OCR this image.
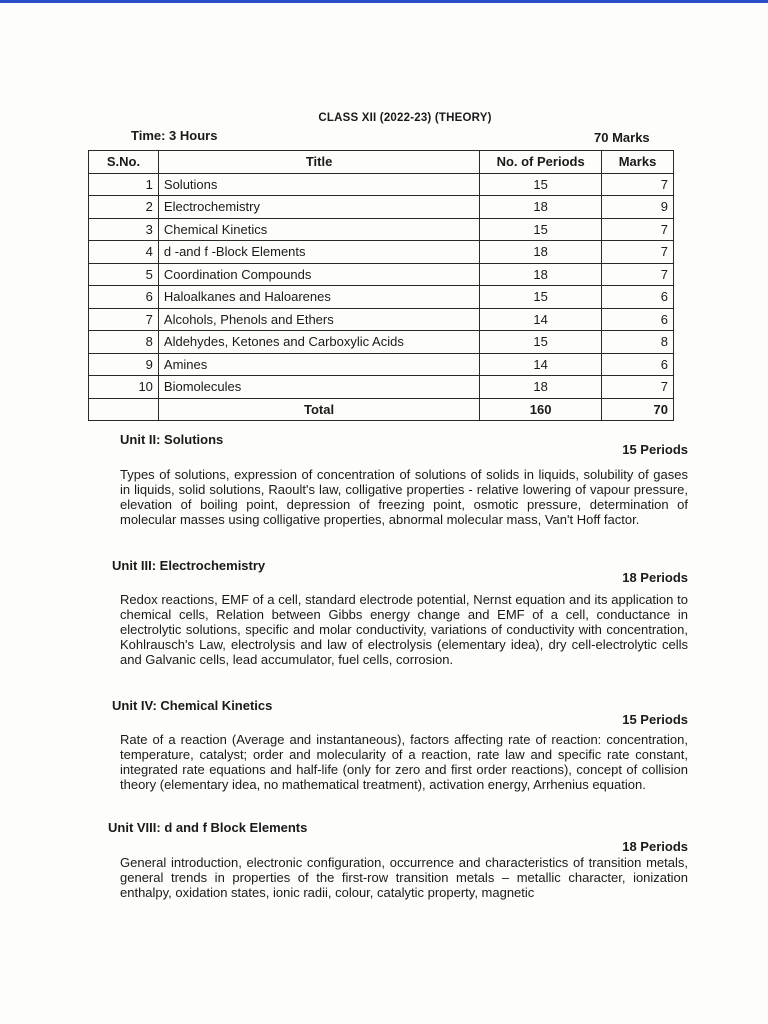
CLASS XII (2022-23) (THEORY)
Time: 3 Hours	70 Marks
S.No.	Title	No. of Periods	Marks
1	Solutions	15	7
2	Electrochemistry	18	9
3	Chemical Kinetics	15	7
4	d -and f -Block Elements	18	7
5	Coordination Compounds	18	7
6	Haloalkanes and Haloarenes	15	6
7	Alcohols, Phenols and Ethers	14	6
8	Aldehydes, Ketones and Carboxylic Acids	15	8
9	Amines	14	6
10	Biomolecules	18	7
	Total	160	70
Unit II: Solutions
15 Periods
Types of solutions, expression of concentration of solutions of solids in liquids, solubility of gases in liquids, solid solutions, Raoult's law, colligative properties - relative lowering of vapour pressure, elevation of boiling point, depression of freezing point, osmotic pressure, determination of molecular masses using colligative properties, abnormal molecular mass, Van't Hoff factor.
Unit III: Electrochemistry
18 Periods
Redox reactions, EMF of a cell, standard electrode potential, Nernst equation and its application to chemical cells, Relation between Gibbs energy change and EMF of a cell, conductance in electrolytic solutions, specific and molar conductivity, variations of conductivity with concentration, Kohlrausch's Law, electrolysis and law of electrolysis (elementary idea), dry cell-electrolytic cells and Galvanic cells, lead accumulator, fuel cells, corrosion.
Unit IV: Chemical Kinetics
15 Periods
Rate of a reaction (Average and instantaneous), factors affecting rate of reaction: concentration, temperature, catalyst; order and molecularity of a reaction, rate law and specific rate constant, integrated rate equations and half-life (only for zero and first order reactions), concept of collision theory (elementary idea, no mathematical treatment), activation energy, Arrhenius equation.
Unit VIII: d and f Block Elements
18 Periods
General introduction, electronic configuration, occurrence and characteristics of transition metals, general trends in properties of the first-row transition metals – metallic character, ionization enthalpy, oxidation states, ionic radii, colour, catalytic property, magnetic
